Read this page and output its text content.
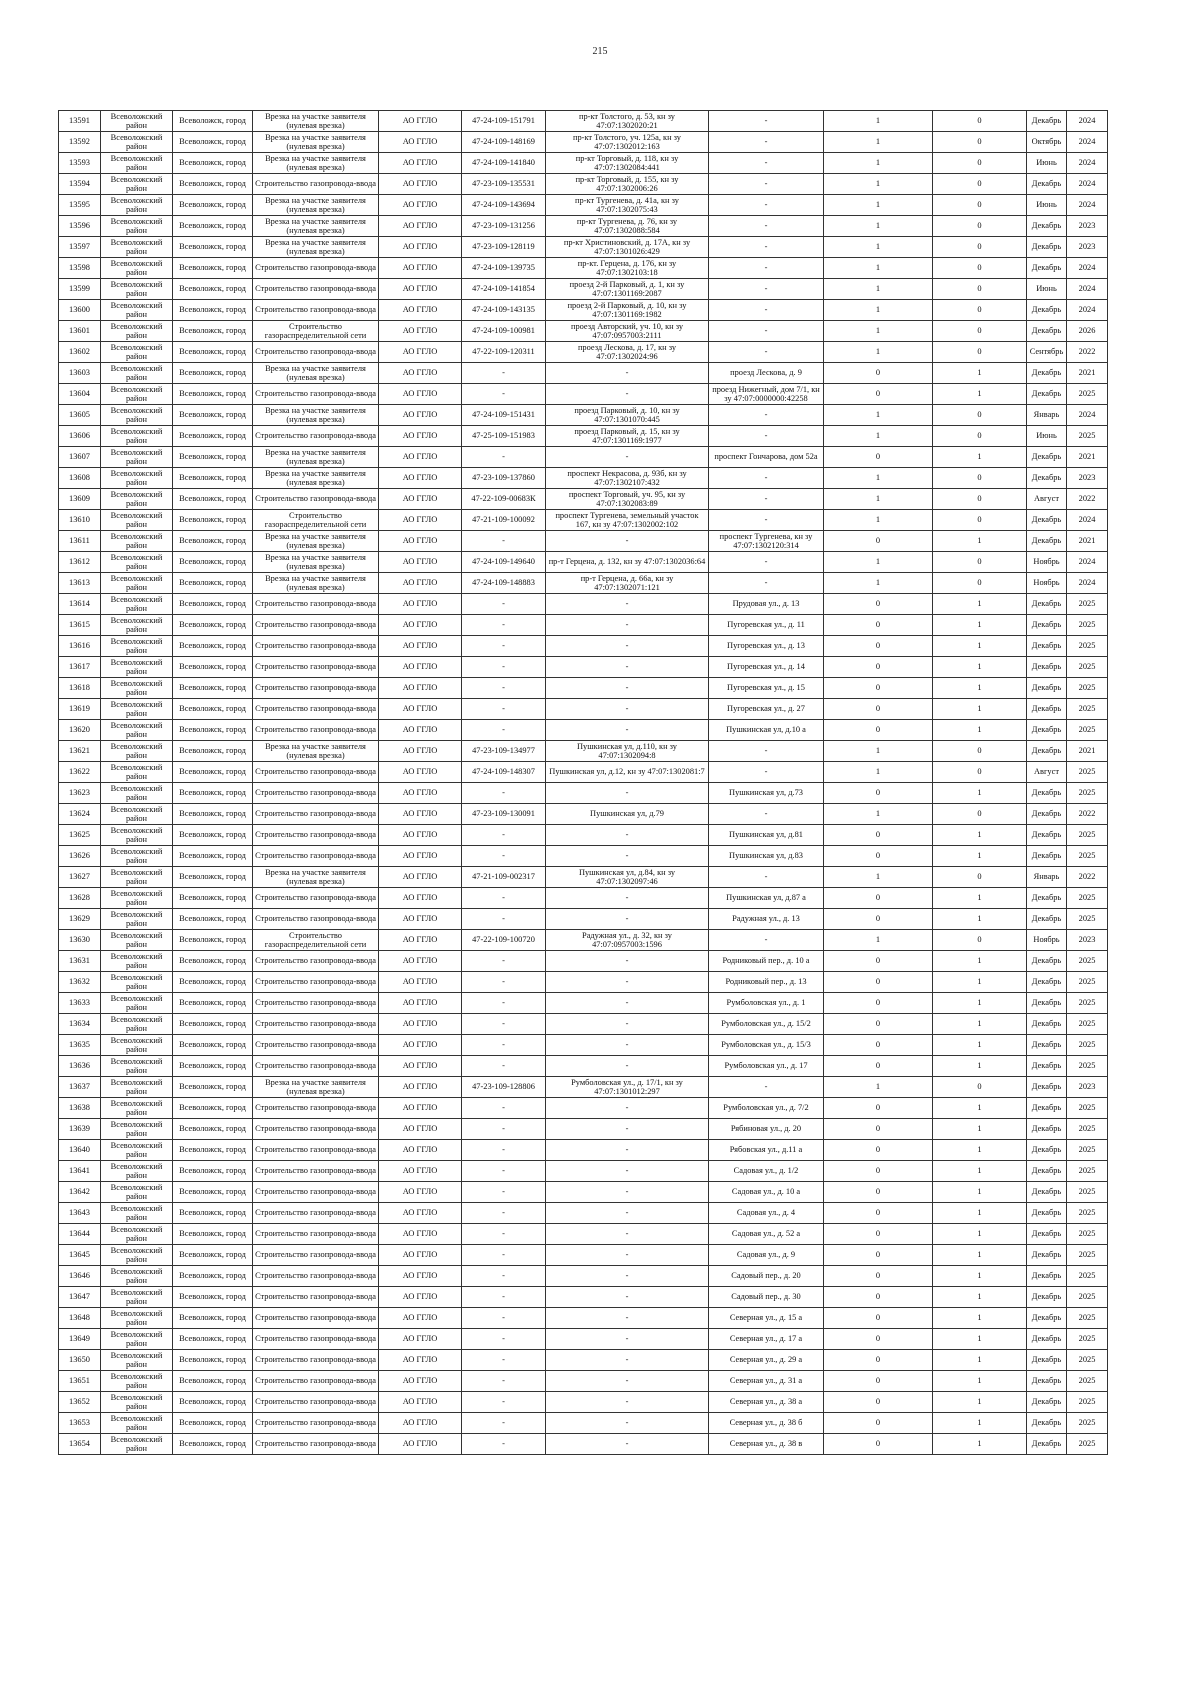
215
13591	Всеволожский район	Всеволожск, город	Врезка на участке заявителя (нулевая врезка)	АО ГГЛО	47-24-109-151791	пр-кт Толстого, д. 53, кн зу 47:07:1302020:21	-	1	0	Декабрь	2024
13592	Всеволожский район	Всеволожск, город	Врезка на участке заявителя (нулевая врезка)	АО ГГЛО	47-24-109-148169	пр-кт Толстого, уч. 125а, кн зу 47:07:1302012:163	-	1	0	Октябрь	2024
13593	Всеволожский район	Всеволожск, город	Врезка на участке заявителя (нулевая врезка)	АО ГГЛО	47-24-109-141840	пр-кт Торговый, д. 118, кн зу 47:07:1302084:441	-	1	0	Июнь	2024
13594	Всеволожский район	Всеволожск, город	Строительство газопровода-ввода	АО ГГЛО	47-23-109-135531	пр-кт Торговый, д. 155, кн зу 47:07:1302006:26	-	1	0	Декабрь	2024
13595	Всеволожский район	Всеволожск, город	Врезка на участке заявителя (нулевая врезка)	АО ГГЛО	47-24-109-143694	пр-кт Тургенева, д. 41а, кн зу 47:07:1302075:43	-	1	0	Июнь	2024
13596	Всеволожский район	Всеволожск, город	Врезка на участке заявителя (нулевая врезка)	АО ГГЛО	47-23-109-131256	пр-кт Тургенева, д. 76, кн зу 47:07:1302088:584	-	1	0	Декабрь	2023
13597	Всеволожский район	Всеволожск, город	Врезка на участке заявителя (нулевая врезка)	АО ГГЛО	47-23-109-128119	пр-кт Христиновский, д. 17А, кн зу 47:07:1301026:429	-	1	0	Декабрь	2023
13598	Всеволожский район	Всеволожск, город	Строительство газопровода-ввода	АО ГГЛО	47-24-109-139735	пр-кт. Герцена, д. 176, кн зу 47:07:1302103:18	-	1	0	Декабрь	2024
13599	Всеволожский район	Всеволожск, город	Строительство газопровода-ввода	АО ГГЛО	47-24-109-141854	проезд 2-й Парковый, д. 1, кн зу 47:07:1301169:2087	-	1	0	Июнь	2024
13600	Всеволожский район	Всеволожск, город	Строительство газопровода-ввода	АО ГГЛО	47-24-109-143135	проезд 2-й Парковый, д. 10, кн зу 47:07:1301169:1982	-	1	0	Декабрь	2024
13601	Всеволожский район	Всеволожск, город	Строительство газораспределительной сети	АО ГГЛО	47-24-109-100981	проезд Авторский, уч. 10, кн зу 47:07:0957003:2111	-	1	0	Декабрь	2026
13602	Всеволожский район	Всеволожск, город	Строительство газопровода-ввода	АО ГГЛО	47-22-109-120311	проезд Лескова, д. 17, кн зу 47:07:1302024:96	-	1	0	Сентябрь	2022
13603	Всеволожский район	Всеволожск, город	Врезка на участке заявителя (нулевая врезка)	АО ГГЛО	-	-	проезд Лескова, д. 9	0	1	Декабрь	2021
13604	Всеволожский район	Всеволожск, город	Строительство газопровода-ввода	АО ГГЛО	-	-	проезд Нижегный, дом 7/1, кн зу 47:07:0000000:42258	0	1	Декабрь	2025
13605	Всеволожский район	Всеволожск, город	Врезка на участке заявителя (нулевая врезка)	АО ГГЛО	47-24-109-151431	проезд Парковый, д. 10, кн зу 47:07:1301070:445	-	1	0	Январь	2024
13606	Всеволожский район	Всеволожск, город	Строительство газопровода-ввода	АО ГГЛО	47-25-109-151983	проезд Парковый, д. 15, кн зу 47:07:1301169:1977	-	1	0	Июнь	2025
13607	Всеволожский район	Всеволожск, город	Врезка на участке заявителя (нулевая врезка)	АО ГГЛО	-	-	проспект Гончарова, дом 52а	0	1	Декабрь	2021
13608	Всеволожский район	Всеволожск, город	Врезка на участке заявителя (нулевая врезка)	АО ГГЛО	47-23-109-137860	проспект Некрасова, д. 93б, кн зу 47:07:1302107:432	-	1	0	Декабрь	2023
13609	Всеволожский район	Всеволожск, город	Строительство газопровода-ввода	АО ГГЛО	47-22-109-00683К	проспект Торговый, уч. 95, кн зу 47:07:1302083:89	-	1	0	Август	2022
13610	Всеволожский район	Всеволожск, город	Строительство газораспределительной сети	АО ГГЛО	47-21-109-100092	проспект Тургенева, земельный участок 167, кн зу 47:07:1302002:102	-	1	0	Декабрь	2024
13611	Всеволожский район	Всеволожск, город	Врезка на участке заявителя (нулевая врезка)	АО ГГЛО	-	-	проспект Тургенева, кн зу 47:07:1302120:314	0	1	Декабрь	2021
13612	Всеволожский район	Всеволожск, город	Врезка на участке заявителя (нулевая врезка)	АО ГГЛО	47-24-109-149640	пр-т Герцена, д. 132, кн зу 47:07:1302036:64	-	1	0	Ноябрь	2024
13613	Всеволожский район	Всеволожск, город	Врезка на участке заявителя (нулевая врезка)	АО ГГЛО	47-24-109-148883	пр-т Герцена, д. 66а, кн зу 47:07:1302071:121	-	1	0	Ноябрь	2024
13614	Всеволожский район	Всеволожск, город	Строительство газопровода-ввода	АО ГГЛО	-	-	Прудовая ул., д. 13	0	1	Декабрь	2025
13615	Всеволожский район	Всеволожск, город	Строительство газопровода-ввода	АО ГГЛО	-	-	Пугоревская ул., д. 11	0	1	Декабрь	2025
13616	Всеволожский район	Всеволожск, город	Строительство газопровода-ввода	АО ГГЛО	-	-	Пугоревская ул., д. 13	0	1	Декабрь	2025
13617	Всеволожский район	Всеволожск, город	Строительство газопровода-ввода	АО ГГЛО	-	-	Пугоревская ул., д. 14	0	1	Декабрь	2025
13618	Всеволожский район	Всеволожск, город	Строительство газопровода-ввода	АО ГГЛО	-	-	Пугоревская ул., д. 15	0	1	Декабрь	2025
13619	Всеволожский район	Всеволожск, город	Строительство газопровода-ввода	АО ГГЛО	-	-	Пугоревская ул., д. 27	0	1	Декабрь	2025
13620	Всеволожский район	Всеволожск, город	Строительство газопровода-ввода	АО ГГЛО	-	-	Пушкинская ул, д.10 а	0	1	Декабрь	2025
13621	Всеволожский район	Всеволожск, город	Врезка на участке заявителя (нулевая врезка)	АО ГГЛО	47-23-109-134977	Пушкинская ул, д.110, кн зу 47:07:1302094:8	-	1	0	Декабрь	2021
13622	Всеволожский район	Всеволожск, город	Строительство газопровода-ввода	АО ГГЛО	47-24-109-148307	Пушкинская ул, д.12, кн зу 47:07:1302081:7	-	1	0	Август	2025
13623	Всеволожский район	Всеволожск, город	Строительство газопровода-ввода	АО ГГЛО	-	-	Пушкинская ул, д.73	0	1	Декабрь	2025
13624	Всеволожский район	Всеволожск, город	Строительство газопровода-ввода	АО ГГЛО	47-23-109-130091	Пушкинская ул, д.79	-	1	0	Декабрь	2022
13625	Всеволожский район	Всеволожск, город	Строительство газопровода-ввода	АО ГГЛО	-	-	Пушкинская ул, д.81	0	1	Декабрь	2025
13626	Всеволожский район	Всеволожск, город	Строительство газопровода-ввода	АО ГГЛО	-	-	Пушкинская ул, д.83	0	1	Декабрь	2025
13627	Всеволожский район	Всеволожск, город	Врезка на участке заявителя (нулевая врезка)	АО ГГЛО	47-21-109-002317	Пушкинская ул, д.84, кн зу 47:07:1302097:46	-	1	0	Январь	2022
13628	Всеволожский район	Всеволожск, город	Строительство газопровода-ввода	АО ГГЛО	-	-	Пушкинская ул, д.87 а	0	1	Декабрь	2025
13629	Всеволожский район	Всеволожск, город	Строительство газопровода-ввода	АО ГГЛО	-	-	Радужная ул., д. 13	0	1	Декабрь	2025
13630	Всеволожский район	Всеволожск, город	Строительство газораспределительной сети	АО ГГЛО	47-22-109-100720	Радужная ул., д. 32, кн зу 47:07:0957003:1596	-	1	0	Ноябрь	2023
13631	Всеволожский район	Всеволожск, город	Строительство газопровода-ввода	АО ГГЛО	-	-	Родниковый пер., д. 10 а	0	1	Декабрь	2025
13632	Всеволожский район	Всеволожск, город	Строительство газопровода-ввода	АО ГГЛО	-	-	Родниковый пер., д. 13	0	1	Декабрь	2025
13633	Всеволожский район	Всеволожск, город	Строительство газопровода-ввода	АО ГГЛО	-	-	Румболовская ул., д. 1	0	1	Декабрь	2025
13634	Всеволожский район	Всеволожск, город	Строительство газопровода-ввода	АО ГГЛО	-	-	Румболовская ул., д. 15/2	0	1	Декабрь	2025
13635	Всеволожский район	Всеволожск, город	Строительство газопровода-ввода	АО ГГЛО	-	-	Румболовская ул., д. 15/3	0	1	Декабрь	2025
13636	Всеволожский район	Всеволожск, город	Строительство газопровода-ввода	АО ГГЛО	-	-	Румболовская ул., д. 17	0	1	Декабрь	2025
13637	Всеволожский район	Всеволожск, город	Врезка на участке заявителя (нулевая врезка)	АО ГГЛО	47-23-109-128806	Румболовская ул., д. 17/1, кн зу 47:07:1301012:297	-	1	0	Декабрь	2023
13638	Всеволожский район	Всеволожск, город	Строительство газопровода-ввода	АО ГГЛО	-	-	Румболовская ул., д. 7/2	0	1	Декабрь	2025
13639	Всеволожский район	Всеволожск, город	Строительство газопровода-ввода	АО ГГЛО	-	-	Рябиновая ул., д. 20	0	1	Декабрь	2025
13640	Всеволожский район	Всеволожск, город	Строительство газопровода-ввода	АО ГГЛО	-	-	Рябовская ул., д.11 а	0	1	Декабрь	2025
13641	Всеволожский район	Всеволожск, город	Строительство газопровода-ввода	АО ГГЛО	-	-	Садовая ул., д. 1/2	0	1	Декабрь	2025
13642	Всеволожский район	Всеволожск, город	Строительство газопровода-ввода	АО ГГЛО	-	-	Садовая ул., д. 10 а	0	1	Декабрь	2025
13643	Всеволожский район	Всеволожск, город	Строительство газопровода-ввода	АО ГГЛО	-	-	Садовая ул., д. 4	0	1	Декабрь	2025
13644	Всеволожский район	Всеволожск, город	Строительство газопровода-ввода	АО ГГЛО	-	-	Садовая ул., д. 52 а	0	1	Декабрь	2025
13645	Всеволожский район	Всеволожск, город	Строительство газопровода-ввода	АО ГГЛО	-	-	Садовая ул., д. 9	0	1	Декабрь	2025
13646	Всеволожский район	Всеволожск, город	Строительство газопровода-ввода	АО ГГЛО	-	-	Садовый пер., д. 20	0	1	Декабрь	2025
13647	Всеволожский район	Всеволожск, город	Строительство газопровода-ввода	АО ГГЛО	-	-	Садовый пер., д. 30	0	1	Декабрь	2025
13648	Всеволожский район	Всеволожск, город	Строительство газопровода-ввода	АО ГГЛО	-	-	Северная ул., д. 15 а	0	1	Декабрь	2025
13649	Всеволожский район	Всеволожск, город	Строительство газопровода-ввода	АО ГГЛО	-	-	Северная ул., д. 17 а	0	1	Декабрь	2025
13650	Всеволожский район	Всеволожск, город	Строительство газопровода-ввода	АО ГГЛО	-	-	Северная ул., д. 29 а	0	1	Декабрь	2025
13651	Всеволожский район	Всеволожск, город	Строительство газопровода-ввода	АО ГГЛО	-	-	Северная ул., д. 31 а	0	1	Декабрь	2025
13652	Всеволожский район	Всеволожск, город	Строительство газопровода-ввода	АО ГГЛО	-	-	Северная ул., д. 38 а	0	1	Декабрь	2025
13653	Всеволожский район	Всеволожск, город	Строительство газопровода-ввода	АО ГГЛО	-	-	Северная ул., д. 38 б	0	1	Декабрь	2025
13654	Всеволожский район	Всеволожск, город	Строительство газопровода-ввода	АО ГГЛО	-	-	Северная ул., д. 38 в	0	1	Декабрь	2025
